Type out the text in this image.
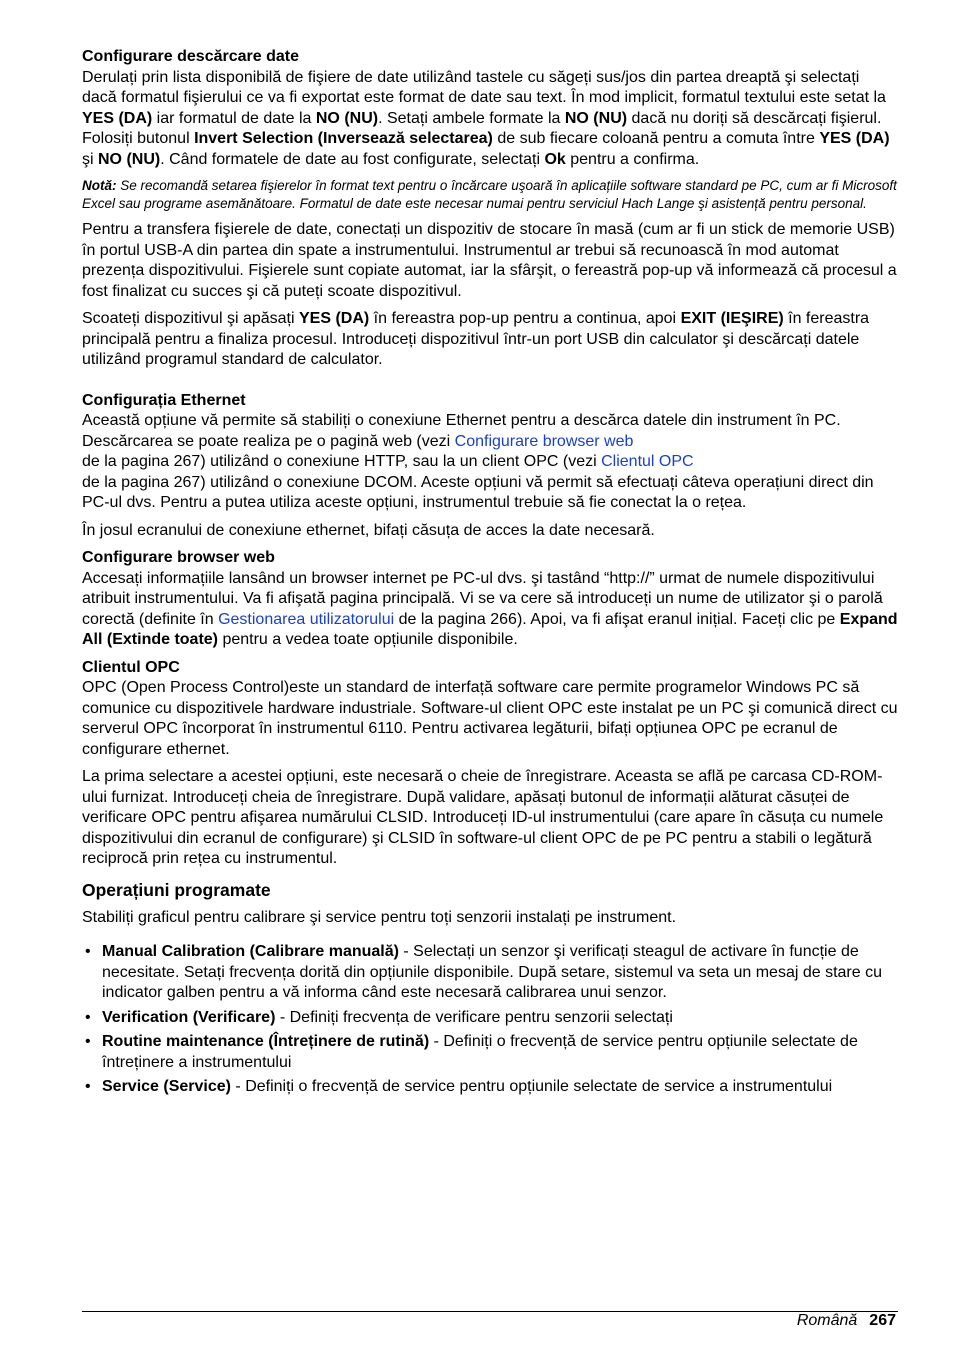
Configurare descărcare date

Derulați prin lista disponibilă de fişiere de date utilizând tastele cu săgeți sus/jos din partea dreaptă şi selectați dacă formatul fişierului ce va fi exportat este format de date sau text. În mod implicit, formatul textului este setat la YES (DA) iar formatul de date la NO (NU). Setați ambele formate la NO (NU) dacă nu doriți să descărcați fişierul. Folosiți butonul Invert Selection (Inversează selectarea) de sub fiecare coloană pentru a comuta între YES (DA) şi NO (NU). Când formatele de date au fost configurate, selectați Ok pentru a confirma.

Notă: Se recomandă setarea fişierelor în format text pentru o încărcare uşoară în aplicațiile software standard pe PC, cum ar fi Microsoft Excel sau programe asemănătoare. Formatul de date este necesar numai pentru serviciul Hach Lange şi asistență pentru personal.

Pentru a transfera fişierele de date, conectați un dispozitiv de stocare în masă (cum ar fi un stick de memorie USB) în portul USB-A din partea din spate a instrumentului. Instrumentul ar trebui să recunoască în mod automat prezența dispozitivului. Fişierele sunt copiate automat, iar la sfârşit, o fereastră pop-up vă informează că procesul a fost finalizat cu succes şi că puteți scoate dispozitivul.

Scoateți dispozitivul şi apăsați YES (DA) în fereastra pop-up pentru a continua, apoi EXIT (IEŞIRE) în fereastra principală pentru a finaliza procesul. Introduceți dispozitivul într-un port USB din calculator şi descărcați datele utilizând programul standard de calculator.

Configurația Ethernet

Această opțiune vă permite să stabiliți o conexiune Ethernet pentru a descărca datele din instrument în PC. Descărcarea se poate realiza pe o pagină web (vezi Configurare browser web
de la pagina 267) utilizând o conexiune HTTP, sau la un client OPC (vezi Clientul OPC
de la pagina 267) utilizând o conexiune DCOM. Aceste opțiuni vă permit să efectuați câteva operațiuni direct din PC-ul dvs. Pentru a putea utiliza aceste opțiuni, instrumentul trebuie să fie conectat la o rețea.

În josul ecranului de conexiune ethernet, bifați căsuța de acces la date necesară.

Configurare browser web

Accesați informațiile lansând un browser internet pe PC-ul dvs. şi tastând “http://” urmat de numele dispozitivului atribuit instrumentului. Va fi afişată pagina principală. Vi se va cere să introduceți un nume de utilizator şi o parolă corectă (definite în Gestionarea utilizatorului de la pagina 266). Apoi, va fi afişat eranul inițial. Faceți clic pe Expand All (Extinde toate) pentru a vedea toate opțiunile disponibile.

Clientul OPC

OPC (Open Process Control)este un standard de interfață software care permite programelor Windows PC să comunice cu dispozitivele hardware industriale. Software-ul client OPC este instalat pe un PC şi comunică direct cu serverul OPC încorporat în instrumentul 6110. Pentru activarea legăturii, bifați opțiunea OPC pe ecranul de configurare ethernet.

La prima selectare a acestei opțiuni, este necesară o cheie de înregistrare. Aceasta se află pe carcasa CD-ROM-ului furnizat. Introduceți cheia de înregistrare. După validare, apăsați butonul de informații alăturat căsuței de verificare OPC pentru afişarea numărului CLSID. Introduceți ID-ul instrumentului (care apare în căsuța cu numele dispozitivului din ecranul de configurare) şi CLSID în software-ul client OPC de pe PC pentru a stabili o legătură reciprocă prin rețea cu instrumentul.

Operațiuni programate

Stabiliți graficul pentru calibrare şi service pentru toți senzorii instalați pe instrument.

• Manual Calibration (Calibrare manuală) - Selectați un senzor şi verificați steagul de activare în funcție de necesitate. Setați frecvența dorită din opțiunile disponibile. După setare, sistemul va seta un mesaj de stare cu indicator galben pentru a vă informa când este necesară calibrarea unui senzor.
• Verification (Verificare) - Definiți frecvența de verificare pentru senzorii selectați
• Routine maintenance (Întreținere de rutină) - Definiți o frecvență de service pentru opțiunile selectate de întreținere a instrumentului
• Service (Service) - Definiți o frecvență de service pentru opțiunile selectate de service a instrumentului
Română 267
